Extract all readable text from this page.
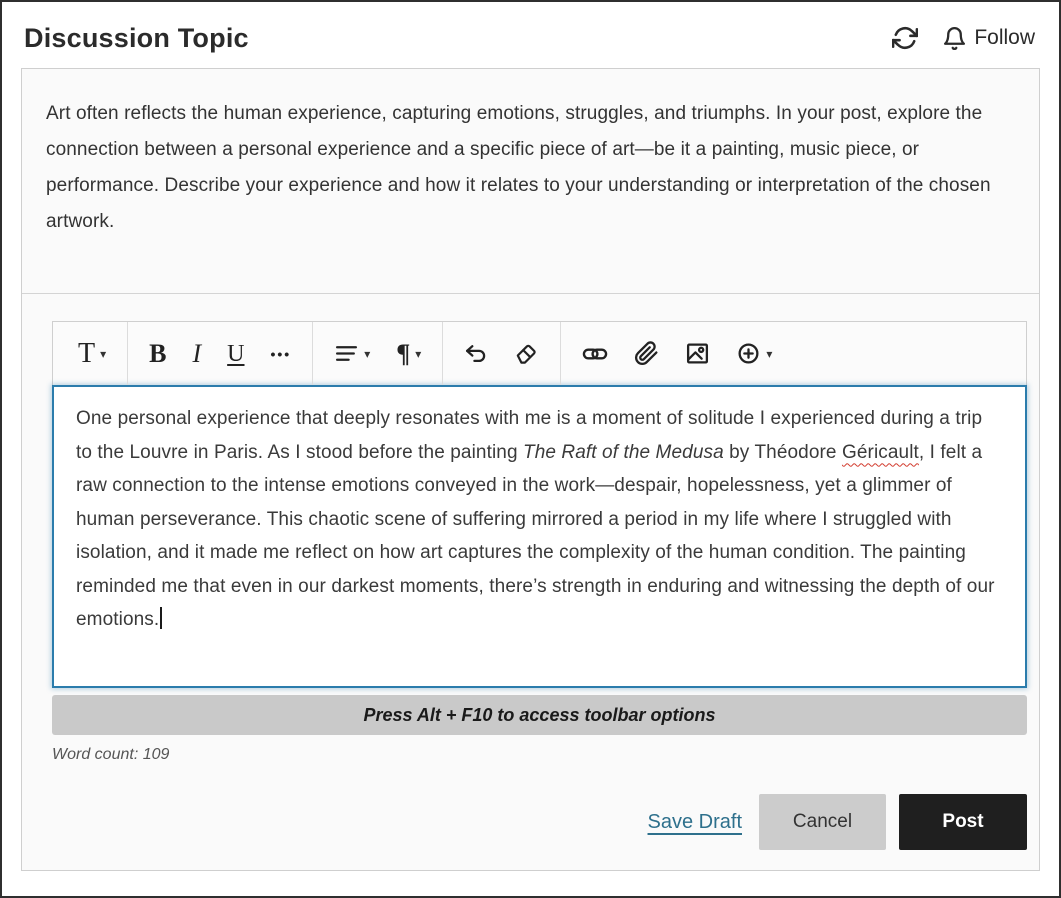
Discussion Topic	Follow
Art often reflects the human experience, capturing emotions, struggles, and triumphs. In your post, explore the connection between a personal experience and a specific piece of art—be it a painting, music piece, or performance. Describe your experience and how it relates to your understanding or interpretation of the chosen artwork.
T ▾ B I U •••	▾ ¶ ▾	▾
One personal experience that deeply resonates with me is a moment of solitude I experienced during a trip to the Louvre in Paris. As I stood before the painting The Raft of the Medusa by Théodore Géricault, I felt a raw connection to the intense emotions conveyed in the work—despair, hopelessness, yet a glimmer of human perseverance. This chaotic scene of suffering mirrored a period in my life where I struggled with isolation, and it made me reflect on how art captures the complexity of the human condition. The painting reminded me that even in our darkest moments, there’s strength in enduring and witnessing the depth of our emotions.
Press Alt + F10 to access toolbar options
Word count: 109
Save Draft	Cancel	Post
